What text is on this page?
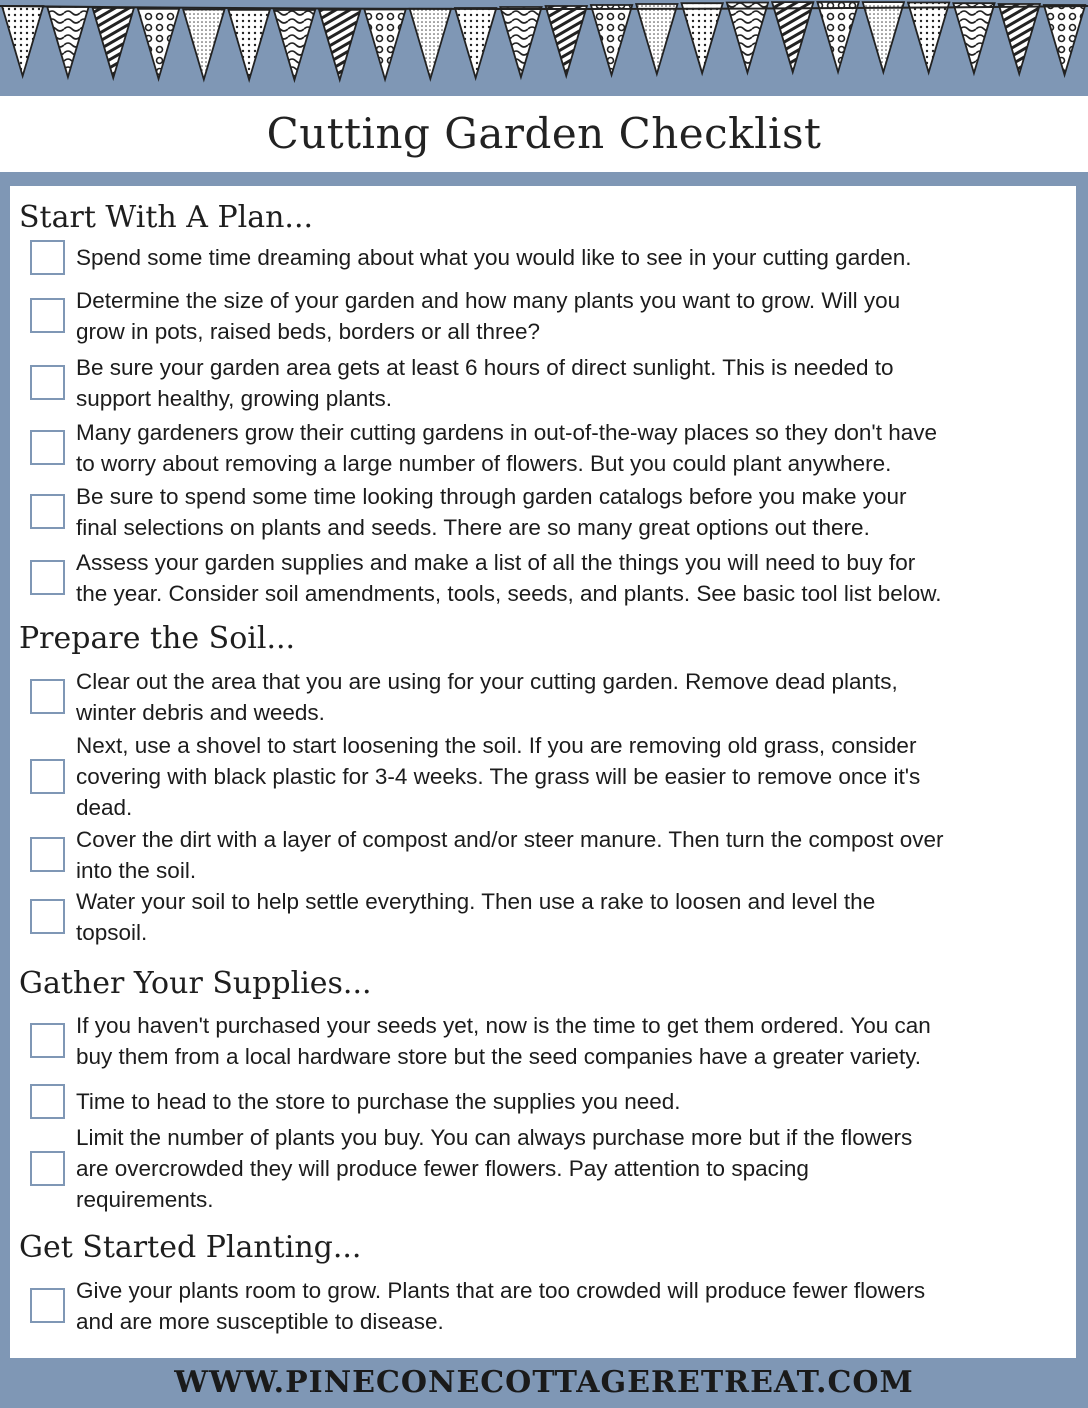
Cutting Garden Checklist
Start With A Plan...

Spend some time dreaming about what you would like to see in your cutting garden.

Determine the size of your garden and how many plants you want to grow. Will you
grow in pots, raised beds, borders or all three?

Be sure your garden area gets at least 6 hours of direct sunlight. This is needed to
support healthy, growing plants.

Many gardeners grow their cutting gardens in out-of-the-way places so they don't have
to worry about removing a large number of flowers. But you could plant anywhere.

Be sure to spend some time looking through garden catalogs before you make your
final selections on plants and seeds. There are so many great options out there.

Assess your garden supplies and make a list of all the things you will need to buy for
the year. Consider soil amendments, tools, seeds, and plants. See basic tool list below.

Prepare the Soil...

Clear out the area that you are using for your cutting garden. Remove dead plants,
winter debris and weeds.

Next, use a shovel to start loosening the soil. If you are removing old grass, consider
covering with black plastic for 3-4 weeks. The grass will be easier to remove once it's
dead.

Cover the dirt with a layer of compost and/or steer manure. Then turn the compost over
into the soil.

Water your soil to help settle everything. Then use a rake to loosen and level the
topsoil.

Gather Your Supplies...

If you haven't purchased your seeds yet, now is the time to get them ordered. You can
buy them from a local hardware store but the seed companies have a greater variety.

Time to head to the store to purchase the supplies you need.

Limit the number of plants you buy. You can always purchase more but if the flowers
are overcrowded they will produce fewer flowers. Pay attention to spacing
requirements.

Get Started Planting...

Give your plants room to grow. Plants that are too crowded will produce fewer flowers
and are more susceptible to disease.

WWW.PINECONECOTTAGERETREAT.COM
